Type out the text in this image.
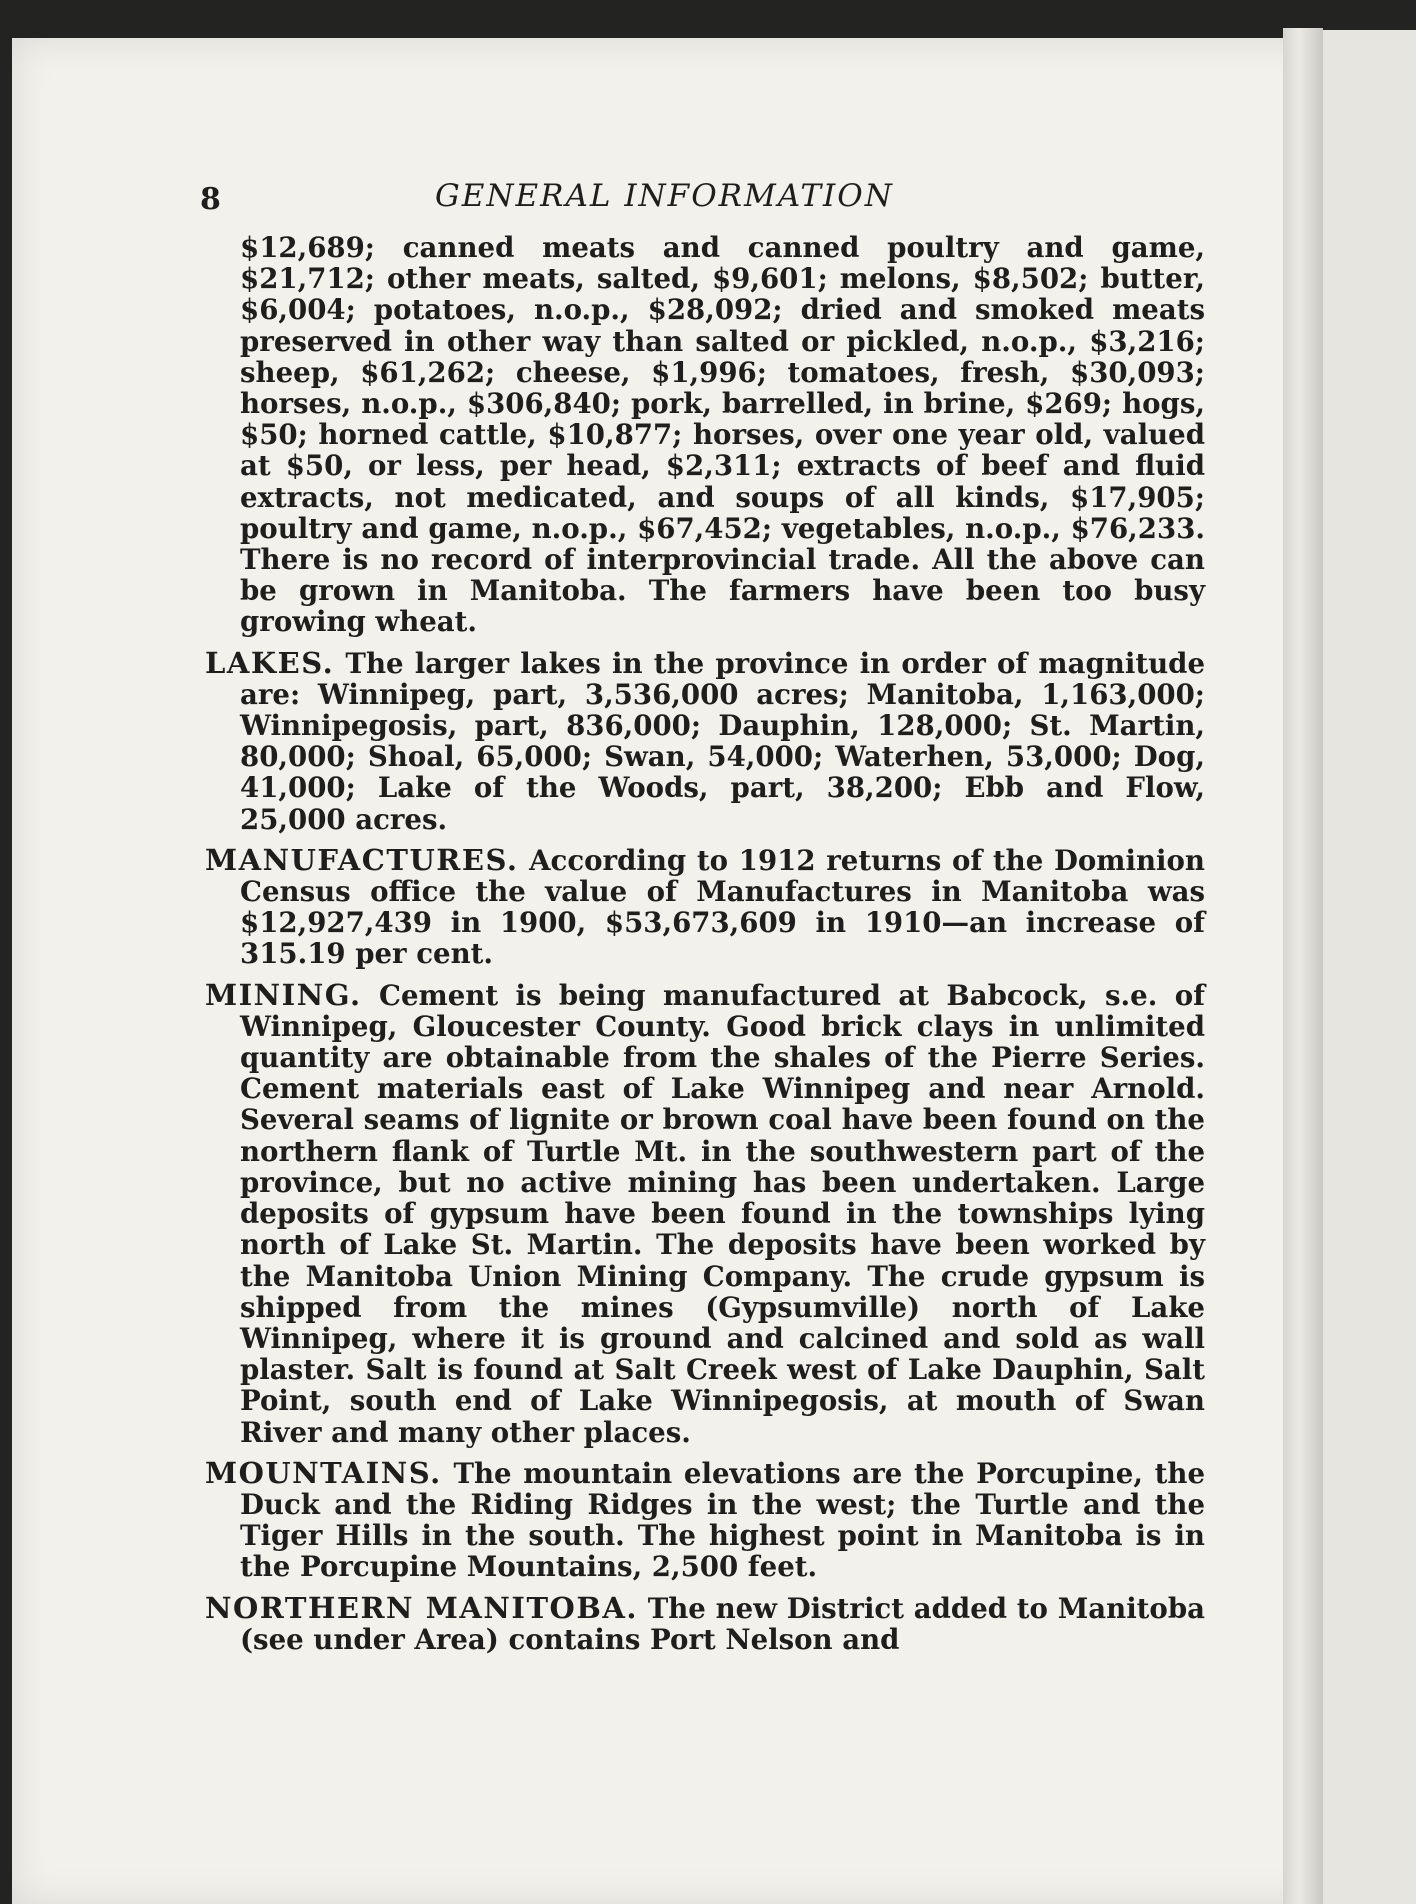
8	GENERAL INFORMATION

$12,689; canned meats and canned poultry and game, $21,712; other meats, salted, $9,601; melons, $8,502; butter, $6,004; potatoes, n.o.p., $28,092; dried and smoked meats preserved in other way than salted or pickled, n.o.p., $3,216; sheep, $61,262; cheese, $1,996; tomatoes, fresh, $30,093; horses, n.o.p., $306,840; pork, barrelled, in brine, $269; hogs, $50; horned cattle, $10,877; horses, over one year old, valued at $50, or less, per head, $2,311; extracts of beef and fluid extracts, not medicated, and soups of all kinds, $17,905; poultry and game, n.o.p., $67,452; vegetables, n.o.p., $76,233. There is no record of interprovincial trade. All the above can be grown in Manitoba. The farmers have been too busy growing wheat.

LAKES. The larger lakes in the province in order of magnitude are: Winnipeg, part, 3,536,000 acres; Manitoba, 1,163,000; Winnipegosis, part, 836,000; Dauphin, 128,000; St. Martin, 80,000; Shoal, 65,000; Swan, 54,000; Waterhen, 53,000; Dog, 41,000; Lake of the Woods, part, 38,200; Ebb and Flow, 25,000 acres.

MANUFACTURES. According to 1912 returns of the Dominion Census office the value of Manufactures in Manitoba was $12,927,439 in 1900, $53,673,609 in 1910—an increase of 315.19 per cent.

MINING. Cement is being manufactured at Babcock, s.e. of Winnipeg, Gloucester County. Good brick clays in unlimited quantity are obtainable from the shales of the Pierre Series. Cement materials east of Lake Winnipeg and near Arnold. Several seams of lignite or brown coal have been found on the northern flank of Turtle Mt. in the southwestern part of the province, but no active mining has been undertaken. Large deposits of gypsum have been found in the townships lying north of Lake St. Martin. The deposits have been worked by the Manitoba Union Mining Company. The crude gypsum is shipped from the mines (Gypsumville) north of Lake Winnipeg, where it is ground and calcined and sold as wall plaster. Salt is found at Salt Creek west of Lake Dauphin, Salt Point, south end of Lake Winnipegosis, at mouth of Swan River and many other places.

MOUNTAINS. The mountain elevations are the Porcupine, the Duck and the Riding Ridges in the west; the Turtle and the Tiger Hills in the south. The highest point in Manitoba is in the Porcupine Mountains, 2,500 feet.

NORTHERN MANITOBA. The new District added to Manitoba (see under Area) contains Port Nelson and
